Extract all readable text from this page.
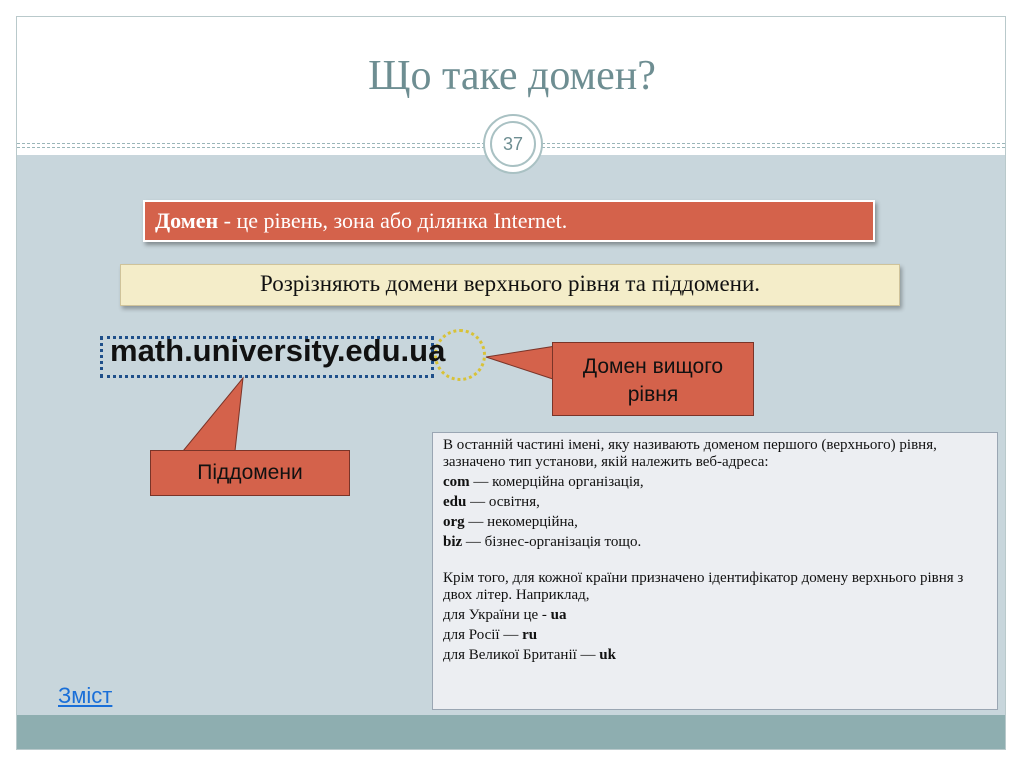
Що таке домен?
37
Домен - це рівень, зона або ділянка Internet.
Розрізняють домени верхнього рівня та піддомени.
math.university.edu.ua	Домен вищого
рівня
Піддомени

В останній частині імені, яку називають доменом першого (верхнього) рівня, зазначено тип установи, якій належить веб-адреса:

com — комерційна організація,

edu — освітня,

org — некомерційна,

biz — бізнес-організація тощо.

Крім того, для кожної країни призначено ідентифікатор домену верхнього рівня з двох літер. Наприклад,

для України це - ua

для Росії — ru

для Великої Британії — uk

Зміст
